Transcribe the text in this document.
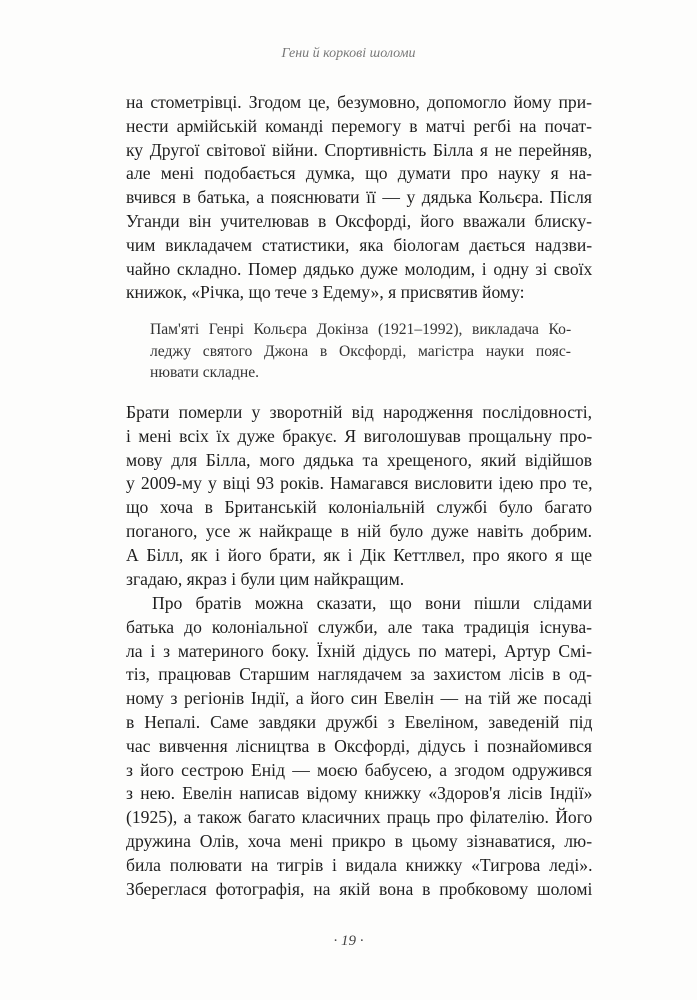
Гени й коркові шоломи
на стометрівці. Згодом це, безумовно, допомогло йому при-
нести армійській команді перемогу в матчі регбі на почат-
ку Другої світової війни. Спортивність Білла я не перейняв,
але мені подобається думка, що думати про науку я на-
вчився в батька, а пояснювати її — у дядька Кольєра. Після
Уганди він учителював в Оксфорді, його вважали блиску-
чим викладачем статистики, яка біологам дається надзви-
чайно складно. Помер дядько дуже молодим, і одну зі своїх
книжок, «Річка, що тече з Едему», я присвятив йому:
Пам'яті Генрі Кольєра Докінза (1921–1992), викладача Ко-
леджу святого Джона в Оксфорді, магістра науки пояс-
нювати складне.
Брати померли у зворотній від народження послідовності,
і мені всіх їх дуже бракує. Я виголошував прощальну про-
мову для Білла, мого дядька та хрещеного, який відійшов
у 2009-му у віці 93 років. Намагався висловити ідею про те,
що хоча в Британській колоніальній службі було багато
поганого, усе ж найкраще в ній було дуже навіть добрим.
А Білл, як і його брати, як і Дік Кеттлвел, про якого я ще
згадаю, якраз і були цим найкращим.
Про братів можна сказати, що вони пішли слідами
батька до колоніальної служби, але така традиція існува-
ла і з материного боку. Їхній дідусь по матері, Артур Смі-
тіз, працював Старшим наглядачем за захистом лісів в од-
ному з регіонів Індії, а його син Евелін — на тій же посаді
в Непалі. Саме завдяки дружбі з Евеліном, заведеній під
час вивчення лісництва в Оксфорді, дідусь і познайомився
з його сестрою Енід — моєю бабусею, а згодом одружився
з нею. Евелін написав відому книжку «Здоров'я лісів Індії»
(1925), а також багато класичних праць про філателію. Його
дружина Олів, хоча мені прикро в цьому зізнаватися, лю-
била полювати на тигрів і видала книжку «Тигрова леді».
Збереглася фотографія, на якій вона в пробковому шоломі
· 19 ·
